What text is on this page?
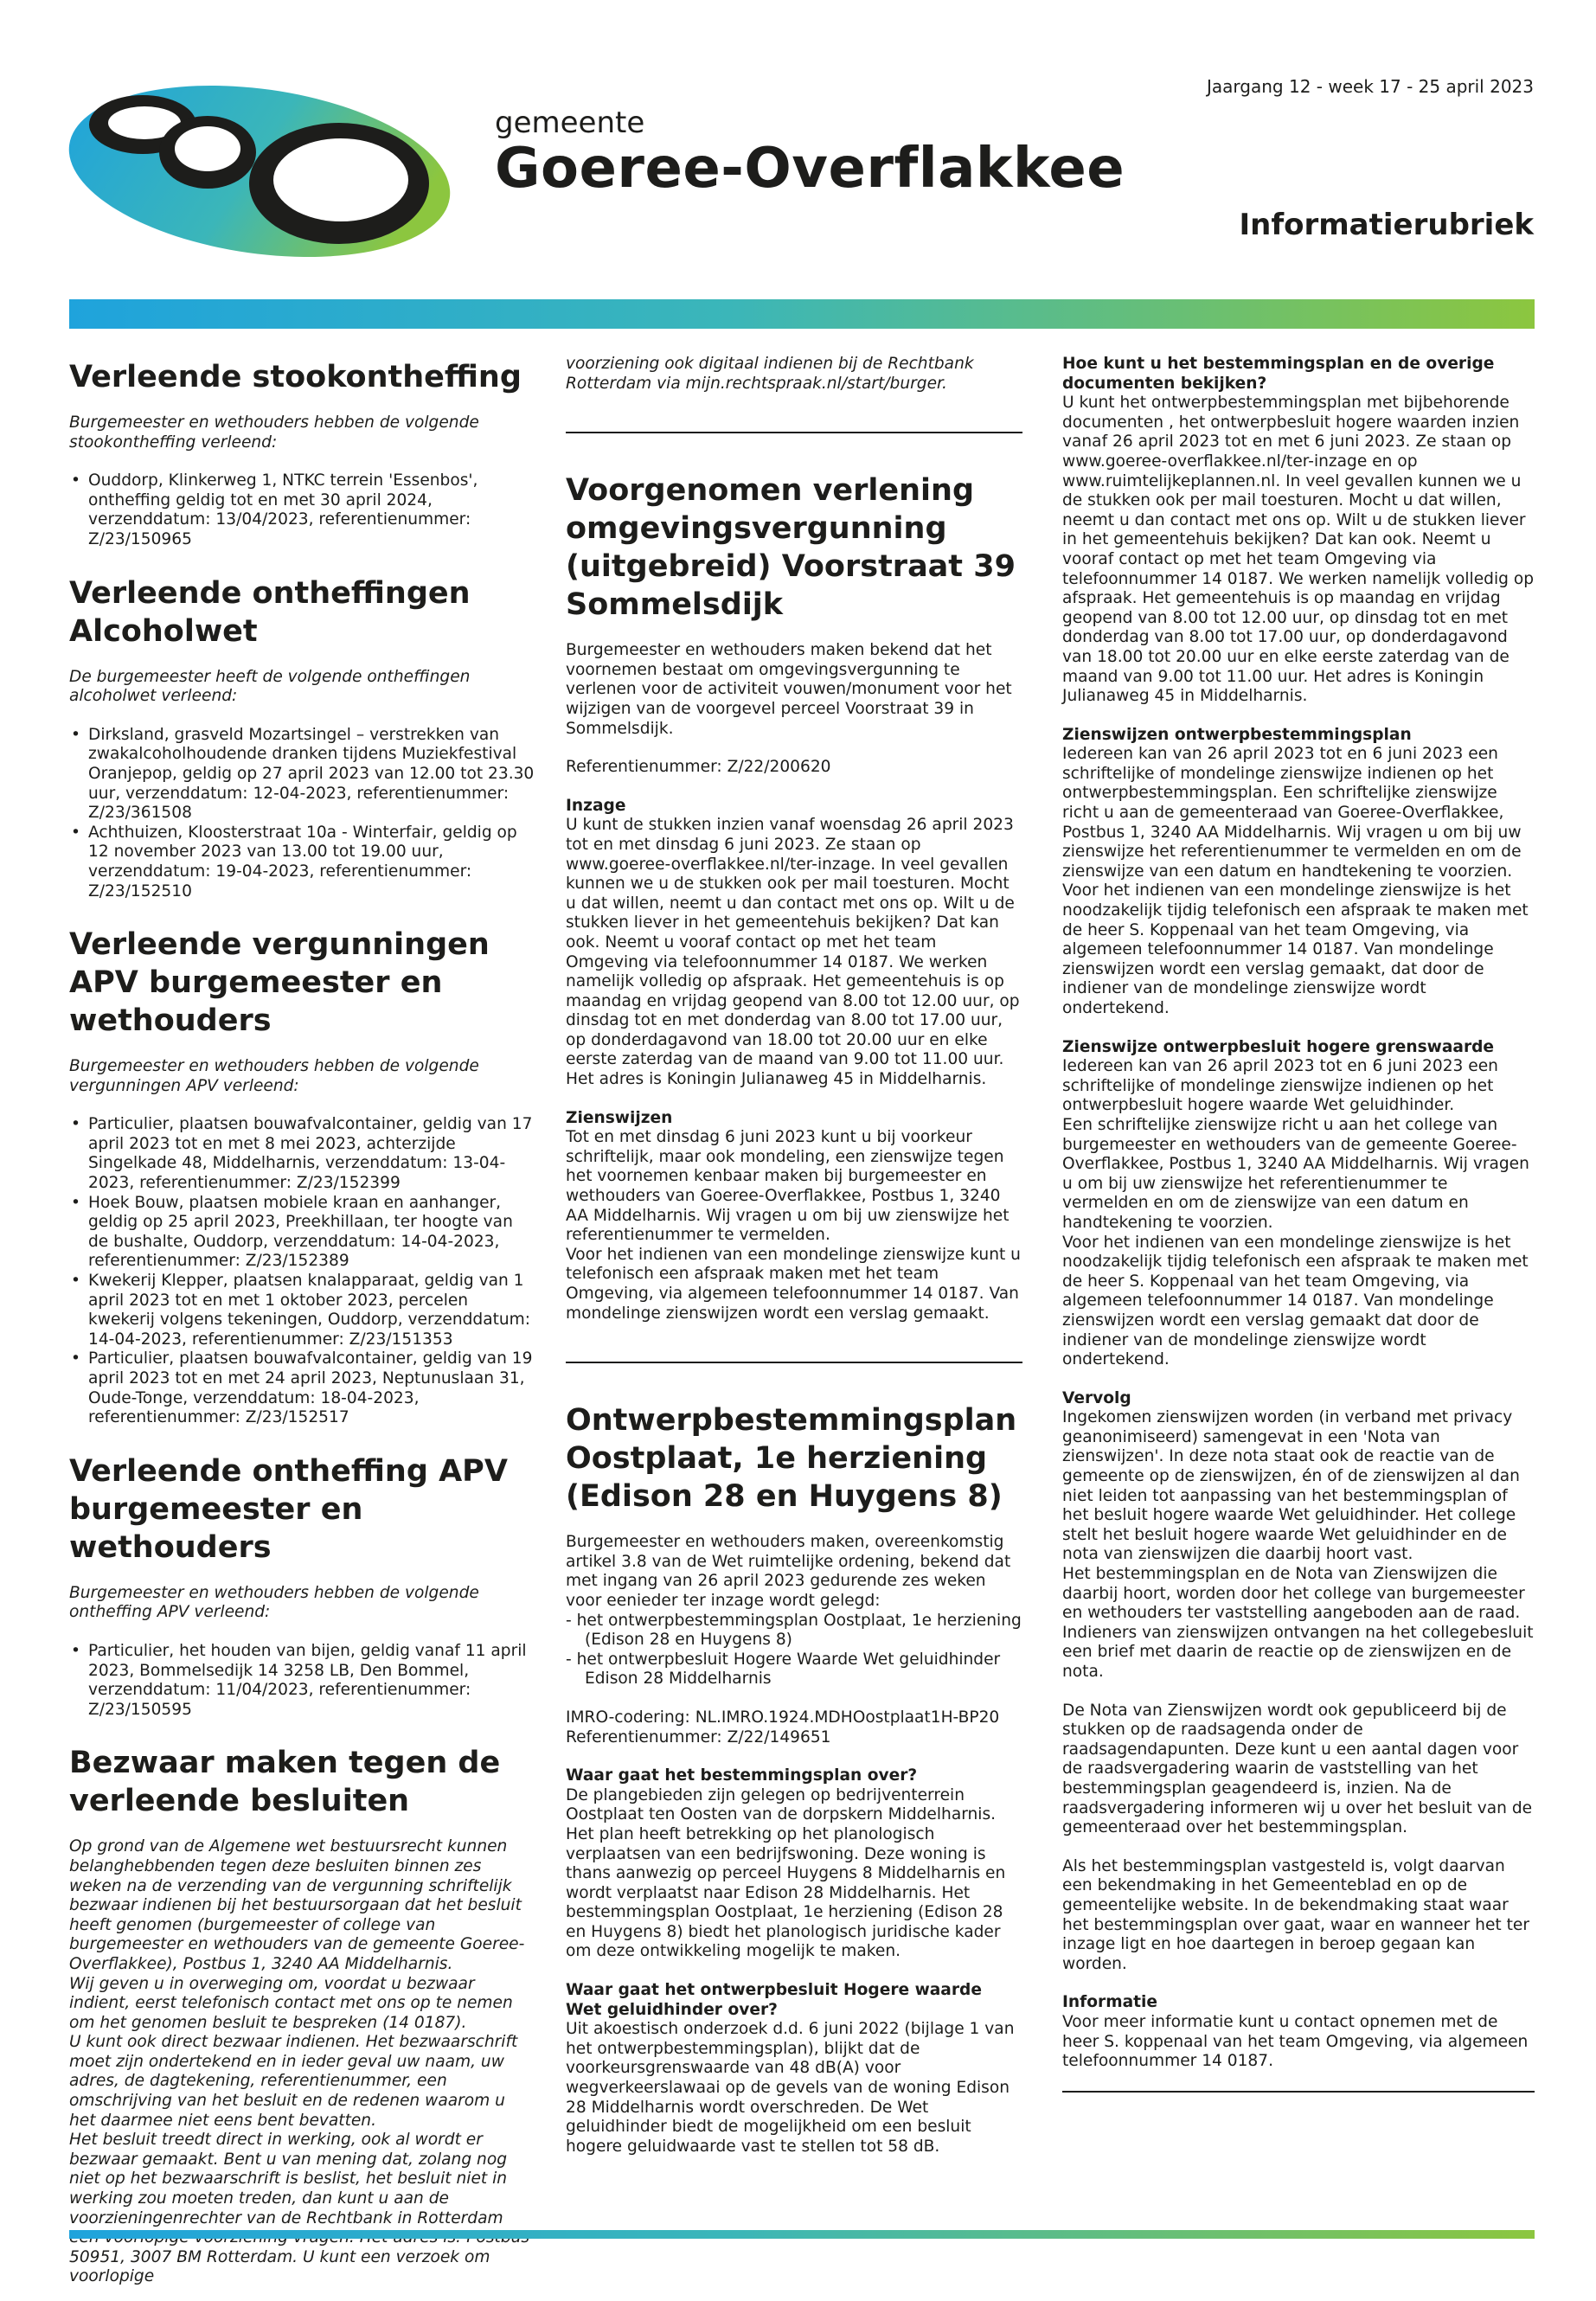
Jaargang 12 - week 17 - 25 april 2023
gemeente
Goeree-Overflakkee
Informatierubriek
Verleende stookontheffing

Burgemeester en wethouders hebben de volgende stookontheffing verleend:

• Ouddorp, Klinkerweg 1, NTKC terrein 'Essenbos', ontheffing geldig tot en met 30 april 2024, verzenddatum: 13/04/2023, referentienummer: Z/23/150965
Verleende ontheffingen Alcoholwet

De burgemeester heeft de volgende ontheffingen alcoholwet verleend:

• Dirksland, grasveld Mozartsingel – verstrekken van zwakalcoholhoudende dranken tijdens Muziekfestival Oranjepop, geldig op 27 april 2023 van 12.00 tot 23.30 uur, verzenddatum: 12-04-2023, referentienummer: Z/23/361508
• Achthuizen, Kloosterstraat 10a - Winterfair, geldig op 12 november 2023 van 13.00 tot 19.00 uur, verzenddatum: 19-04-2023, referentienummer: Z/23/152510
Verleende vergunningen APV burgemeester en wethouders

Burgemeester en wethouders hebben de volgende vergunningen APV verleend:

• Particulier, plaatsen bouwafvalcontainer, geldig van 17 april 2023 tot en met 8 mei 2023, achterzijde Singelkade 48, Middelharnis, verzenddatum: 13-04-2023, referentienummer: Z/23/152399
• Hoek Bouw, plaatsen mobiele kraan en aanhanger, geldig op 25 april 2023, Preekhillaan, ter hoogte van de bushalte, Ouddorp, verzenddatum: 14-04-2023, referentienummer: Z/23/152389
• Kwekerij Klepper, plaatsen knalapparaat, geldig van 1 april 2023 tot en met 1 oktober 2023, percelen kwekerij volgens tekeningen, Ouddorp, verzenddatum: 14-04-2023, referentienummer: Z/23/151353
• Particulier, plaatsen bouwafvalcontainer, geldig van 19 april 2023 tot en met 24 april 2023, Neptunuslaan 31, Oude-Tonge, verzenddatum: 18-04-2023, referentienummer: Z/23/152517
Verleende ontheffing APV burgemeester en wethouders

Burgemeester en wethouders hebben de volgende ontheffing APV verleend:

• Particulier, het houden van bijen, geldig vanaf 11 april 2023, Bommelsedijk 14 3258 LB, Den Bommel, verzenddatum: 11/04/2023, referentienummer: Z/23/150595
Bezwaar maken tegen de verleende besluiten
Op grond van de Algemene wet bestuursrecht kunnen belanghebbenden tegen deze besluiten binnen zes weken na de verzending van de vergunning schriftelijk bezwaar indienen bij het bestuursorgaan dat het besluit heeft genomen (burgemeester of college van burgemeester en wethouders van de gemeente Goeree-Overflakkee), Postbus 1, 3240 AA Middelharnis.
Wij geven u in overweging om, voordat u bezwaar indient, eerst telefonisch contact met ons op te nemen om het genomen besluit te bespreken (14 0187).
U kunt ook direct bezwaar indienen. Het bezwaarschrift moet zijn ondertekend en in ieder geval uw naam, uw adres, de dagtekening, referentienummer, een omschrijving van het besluit en de redenen waarom u het daarmee niet eens bent bevatten.
Het besluit treedt direct in werking, ook al wordt er bezwaar gemaakt. Bent u van mening dat, zolang nog niet op het bezwaarschrift is beslist, het besluit niet in werking zou moeten treden, dan kunt u aan de voorzieningenrechter van de Rechtbank in Rotterdam 50951, 3007 BM Rotterdam. U kunt een verzoek om voorlopige

voorziening ook digitaal indienen bij de Rechtbank Rotterdam via mijn.rechtspraak.nl/start/burger.

Voorgenomen verlening omgevingsvergunning (uitgebreid) Voorstraat 39 Sommelsdijk

Burgemeester en wethouders maken bekend dat het voornemen bestaat om omgevingsvergunning te verlenen voor de activiteit vouwen/monument voor het wijzigen van de voorgevel perceel Voorstraat 39 in Sommelsdijk.

Referentienummer: Z/22/200620

Inzage

U kunt de stukken inzien vanaf woensdag 26 april 2023 tot en met dinsdag 6 juni 2023. Ze staan op www.goeree-overflakkee.nl/ter-inzage. In veel gevallen kunnen we u de stukken ook per mail toesturen. Mocht u dat willen, neemt u dan contact met ons op. Wilt u de stukken liever in het gemeentehuis bekijken? Dat kan ook. Neemt u vooraf contact op met het team Omgeving via telefoonnummer 14 0187. We werken namelijk volledig op afspraak. Het gemeentehuis is op maandag en vrijdag geopend van 8.00 tot 12.00 uur, op dinsdag tot en met donderdag van 8.00 tot 17.00 uur, op donderdagavond van 18.00 tot 20.00 uur en elke eerste zaterdag van de maand van 9.00 tot 11.00 uur. Het adres is Koningin Julianaweg 45 in Middelharnis.

Zienswijzen
Tot en met dinsdag 6 juni 2023 kunt u bij voorkeur schriftelijk, maar ook mondeling, een zienswijze tegen het voornemen kenbaar maken bij burgemeester en wethouders van Goeree-Overflakkee, Postbus 1, 3240 AA Middelharnis. Wij vragen u om bij uw zienswijze het referentienummer te vermelden.
Voor het indienen van een mondelinge zienswijze kunt u telefonisch een afspraak maken met het team Omgeving, via algemeen telefoonnummer 14 0187. Van mondelinge zienswijzen wordt een verslag gemaakt.
Ontwerpbestemmingsplan Oostplaat, 1e herziening (Edison 28 en Huygens 8)

Burgemeester en wethouders maken, overeenkomstig artikel 3.8 van de Wet ruimtelijke ordening, bekend dat met ingang van 26 april 2023 gedurende zes weken voor eenieder ter inzage wordt gelegd:

- het ontwerpbestemmingsplan Oostplaat, 1e herziening (Edison 28 en Huygens 8)
- het ontwerpbesluit Hogere Waarde Wet geluidhinder Edison 28 Middelharnis
IMRO-codering: NL.IMRO.1924.MDHOostplaat1H-BP20

Referentienummer: Z/22/149651

Waar gaat het bestemmingsplan over?

De plangebieden zijn gelegen op bedrijventerrein Oostplaat ten Oosten van de dorpskern Middelharnis. Het plan heeft betrekking op het planologisch verplaatsen van een bedrijfswoning. Deze woning is thans aanwezig op perceel Huygens 8 Middelharnis en wordt verplaatst naar Edison 28 Middelharnis. Het bestemmingsplan Oostplaat, 1e herziening (Edison 28 en Huygens 8) biedt het planologisch juridische kader om deze ontwikkeling mogelijk te maken.

Waar gaat het ontwerpbesluit Hogere waarde Wet geluidhinder over?

Uit akoestisch onderzoek d.d. 6 juni 2022 (bijlage 1 van het ontwerpbestemmingsplan), blijkt dat de voorkeursgrenswaarde van 48 dB(A) voor wegverkeerslawaai op de gevels van de woning Edison 28 Middelharnis wordt overschreden. De Wet geluidhinder biedt de mogelijkheid om een besluit hogere geluidwaarde vast te stellen tot 58 dB.

Hoe kunt u het bestemmingsplan en de overige documenten bekijken?

U kunt het ontwerpbestemmingsplan met bijbehorende documenten , het ontwerpbesluit hogere waarden inzien vanaf 26 april 2023 tot en met 6 juni 2023. Ze staan op www.goeree-overflakkee.nl/ter-inzage en op www.ruimtelijkeplannen.nl. In veel gevallen kunnen we u de stukken ook per mail toesturen. Mocht u dat willen, neemt u dan contact met ons op. Wilt u de stukken liever in het gemeentehuis bekijken? Dat kan ook. Neemt u vooraf contact op met het team Omgeving via telefoonnummer 14 0187. We werken namelijk volledig op afspraak. Het gemeentehuis is op maandag en vrijdag geopend van 8.00 tot 12.00 uur, op dinsdag tot en met donderdag van 8.00 tot 17.00 uur, op donderdagavond van 18.00 tot 20.00 uur en elke eerste zaterdag van de maand van 9.00 tot 11.00 uur. Het adres is Koningin Julianaweg 45 in Middelharnis.

Zienswijzen ontwerpbestemmingsplan
Iedereen kan van 26 april 2023 tot en 6 juni 2023 een schriftelijke of mondelinge zienswijze indienen op het ontwerpbestemmingsplan. Een schriftelijke zienswijze richt u aan de gemeenteraad van Goeree-Overflakkee, Postbus 1, 3240 AA Middelharnis. Wij vragen u om bij uw zienswijze het referentienummer te vermelden en om de zienswijze van een datum en handtekening te voorzien.

Voor het indienen van een mondelinge zienswijze is het noodzakelijk tijdig telefonisch een afspraak te maken met de heer S. Koppenaal van het team Omgeving, via algemeen telefoonnummer 14 0187. Van mondelinge zienswijzen wordt een verslag gemaakt, dat door de indiener van de mondelinge zienswijze wordt ondertekend.

Zienswijze ontwerpbesluit hogere grenswaarde
Iedereen kan van 26 april 2023 tot en 6 juni 2023 een schriftelijke of mondelinge zienswijze indienen op het ontwerpbesluit hogere waarde Wet geluidhinder.
Een schriftelijke zienswijze richt u aan het college van burgemeester en wethouders van de gemeente Goeree-Overflakkee, Postbus 1, 3240 AA Middelharnis. Wij vragen u om bij uw zienswijze het referentienummer te vermelden en om de zienswijze van een datum en handtekening te voorzien.

Voor het indienen van een mondelinge zienswijze is het noodzakelijk tijdig telefonisch een afspraak te maken met de heer S. Koppenaal van het team Omgeving, via algemeen telefoonnummer 14 0187. Van mondelinge zienswijzen wordt een verslag gemaakt dat door de indiener van de mondelinge zienswijze wordt ondertekend.

Vervolg
Ingekomen zienswijzen worden (in verband met privacy geanonimiseerd) samengevat in een 'Nota van zienswijzen'. In deze nota staat ook de reactie van de gemeente op de zienswijzen, én of de zienswijzen al dan niet leiden tot aanpassing van het bestemmingsplan of het besluit hogere waarde Wet geluidhinder. Het college stelt het besluit hogere waarde Wet geluidhinder en de nota van zienswijzen die daarbij hoort vast.

Het bestemmingsplan en de Nota van Zienswijzen die daarbij hoort, worden door het college van burgemeester en wethouders ter vaststelling aangeboden aan de raad. Indieners van zienswijzen ontvangen na het collegebesluit een brief met daarin de reactie op de zienswijzen en de nota.

De Nota van Zienswijzen wordt ook gepubliceerd bij de stukken op de raadsagenda onder de raadsagendapunten. Deze kunt u een aantal dagen voor de raadsvergadering waarin de vaststelling van het bestemmingsplan geagendeerd is, inzien. Na de raadsvergadering informeren wij u over het besluit van de gemeenteraad over het bestemmingsplan.

Als het bestemmingsplan vastgesteld is, volgt daarvan een bekendmaking in het Gemeenteblad en op de gemeentelijke website. In de bekendmaking staat waar het bestemmingsplan over gaat, waar en wanneer het ter inzage ligt en hoe daartegen in beroep gegaan kan worden.

Informatie

Voor meer informatie kunt u contact opnemen met de heer S. koppenaal van het team Omgeving, via algemeen telefoonnummer 14 0187.
